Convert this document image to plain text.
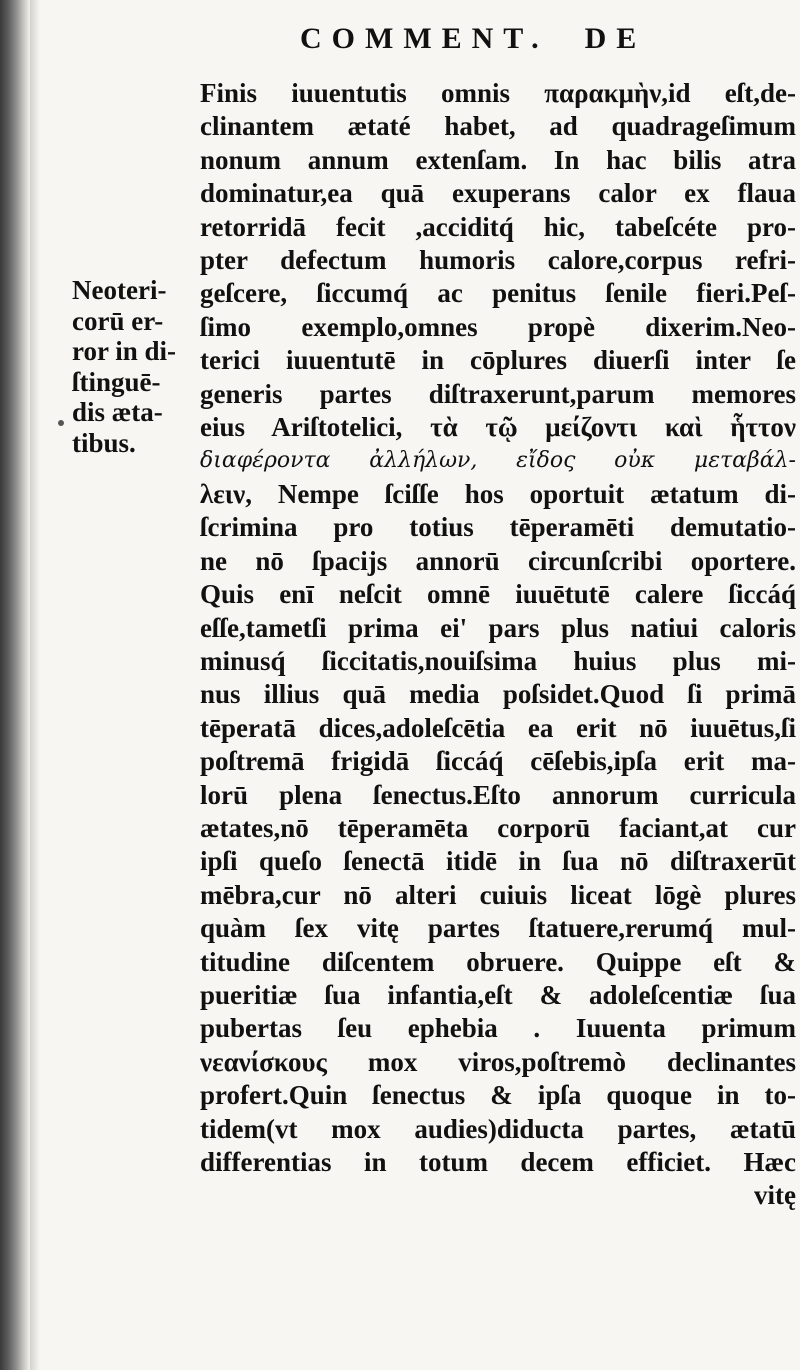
COMMENT. DE
Neoteri-
corū er-
ror in di-
ſtinguē-
dis æta-
tibus.
Finis iuuentutis omnis παρακμὴν,id eſt,de-
clinantem ætaté habet, ad quadrageſimum
nonum annum extenſam. In hac bilis atra
dominatur,ea quā exuperans calor ex flaua
retorridā fecit ,acciditq́ hic, tabeſcéte pro-
pter defectum humoris calore,corpus refri-
geſcere, ſiccumq́ ac penitus ſenile fieri.Peſ-
ſimo exemplo,omnes propè dixerim.Neo-
terici iuuentutē in cōplures diuerſi inter ſe
generis partes diſtraxerunt,parum memores
eius Ariſtotelici, τὰ τῷ μείζοντι καὶ ἧττον
διαφέροντα ἀλλήλων, εἴδος οὐκ μεταβάλ-
λειν, Nempe ſciſſe hos oportuit ætatum di-
ſcrimina pro totius tēperamēti demutatio-
ne nō ſpacijs annorū circunſcribi oportere.
Quis enī neſcit omnē iuuētutē calere ſiccáq́
eſſe,tametſi prima ei' pars plus natiui caloris
minusq́ ſiccitatis,nouiſsima huius plus mi-
nus illius quā media poſsidet.Quod ſi primā
tēperatā dices,adoleſcētia ea erit nō iuuētus,ſi
poſtremā frigidā ſiccáq́ cēſebis,ipſa erit ma-
lorū plena ſenectus.Eſto annorum curricula
ætates,nō tēperamēta corporū faciant,at cur
ipſi queſo ſenectā itidē in ſua nō diſtraxerūt
mēbra,cur nō alteri cuiuis liceat lōgè plures
quàm ſex vitę partes ſtatuere,rerumq́ mul-
titudine diſcentem obruere. Quippe eſt &
pueritiæ ſua infantia,eſt & adoleſcentiæ ſua
pubertas ſeu ephebia . Iuuenta primum
νεανίσκους mox viros,poſtremò declinantes
profert.Quin ſenectus & ipſa quoque in to-
tidem(vt mox audies)diducta partes, ætatū
differentias in totum decem efficiet. Hæc
vitę
